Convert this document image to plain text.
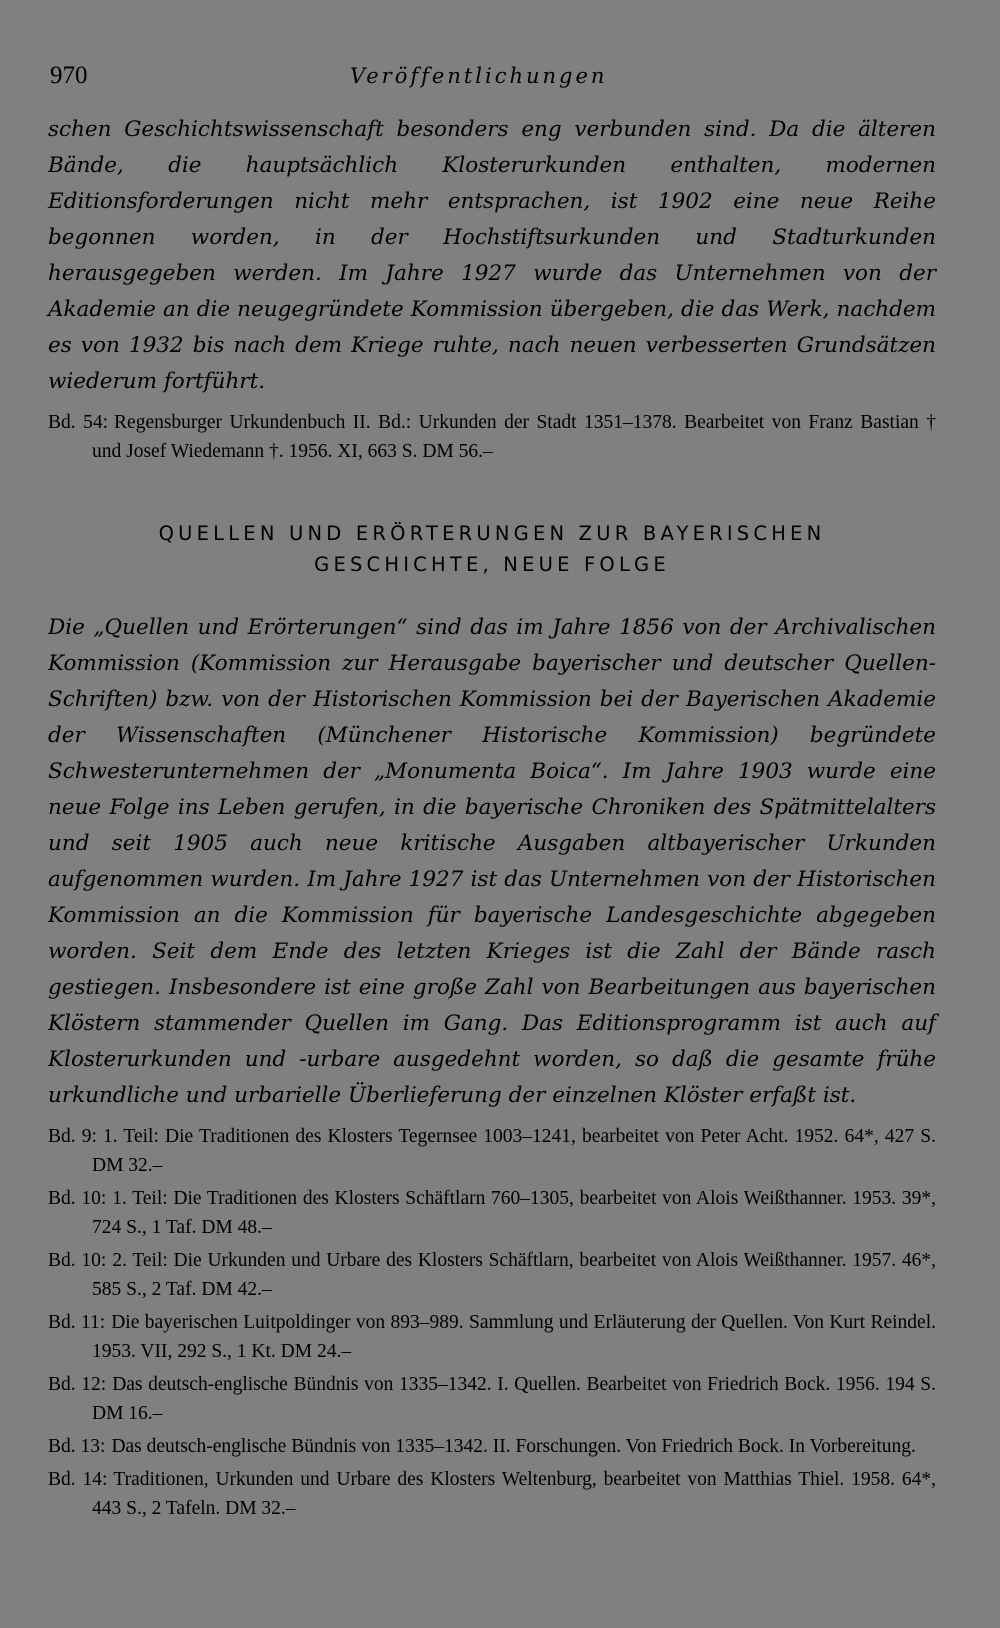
970	Veröffentlichungen

schen Geschichtswissenschaft besonders eng verbunden sind. Da die älteren Bände, die hauptsächlich Klosterurkunden enthalten, modernen Editionsforderungen nicht mehr entsprachen, ist 1902 eine neue Reihe begonnen worden, in der Hochstiftsurkunden und Stadturkunden herausgegeben werden. Im Jahre 1927 wurde das Unternehmen von der Akademie an die neugegründete Kommission übergeben, die das Werk, nachdem es von 1932 bis nach dem Kriege ruhte, nach neuen verbesserten Grundsätzen wiederum fortführt.

Bd. 54: Regensburger Urkundenbuch II. Bd.: Urkunden der Stadt 1351–1378. Bearbeitet von Franz Bastian † und Josef Wiedemann †. 1956. XI, 663 S. DM 56.–
QUELLEN UND ERÖRTERUNGEN ZUR BAYERISCHEN
GESCHICHTE, NEUE FOLGE

Die „Quellen und Erörterungen“ sind das im Jahre 1856 von der Archivalischen Kommission (Kommission zur Herausgabe bayerischer und deutscher Quellen-Schriften) bzw. von der Historischen Kommission bei der Bayerischen Akademie der Wissenschaften (Münchener Historische Kommission) begründete Schwesterunternehmen der „Monumenta Boica“. Im Jahre 1903 wurde eine neue Folge ins Leben gerufen, in die bayerische Chroniken des Spätmittelalters und seit 1905 auch neue kritische Ausgaben altbayerischer Urkunden aufgenommen wurden. Im Jahre 1927 ist das Unternehmen von der Historischen Kommission an die Kommission für bayerische Landesgeschichte abgegeben worden. Seit dem Ende des letzten Krieges ist die Zahl der Bände rasch gestiegen. Insbesondere ist eine große Zahl von Bearbeitungen aus bayerischen Klöstern stammender Quellen im Gang. Das Editionsprogramm ist auch auf Klosterurkunden und -urbare ausgedehnt worden, so daß die gesamte frühe urkundliche und urbarielle Überlieferung der einzelnen Klöster erfaßt ist.

Bd. 9: 1. Teil: Die Traditionen des Klosters Tegernsee 1003–1241, bearbeitet von Peter Acht. 1952. 64*, 427 S. DM 32.–
Bd. 10: 1. Teil: Die Traditionen des Klosters Schäftlarn 760–1305, bearbeitet von Alois Weißthanner. 1953. 39*, 724 S., 1 Taf. DM 48.–
Bd. 10: 2. Teil: Die Urkunden und Urbare des Klosters Schäftlarn, bearbeitet von Alois Weißthanner. 1957. 46*, 585 S., 2 Taf. DM 42.–
Bd. 11: Die bayerischen Luitpoldinger von 893–989. Sammlung und Erläuterung der Quellen. Von Kurt Reindel. 1953. VII, 292 S., 1 Kt. DM 24.–
Bd. 12: Das deutsch-englische Bündnis von 1335–1342. I. Quellen. Bearbeitet von Friedrich Bock. 1956. 194 S. DM 16.–
Bd. 13: Das deutsch-englische Bündnis von 1335–1342. II. Forschungen. Von Friedrich Bock. In Vorbereitung.
Bd. 14: Traditionen, Urkunden und Urbare des Klosters Weltenburg, bearbeitet von Matthias Thiel. 1958. 64*, 443 S., 2 Tafeln. DM 32.–
